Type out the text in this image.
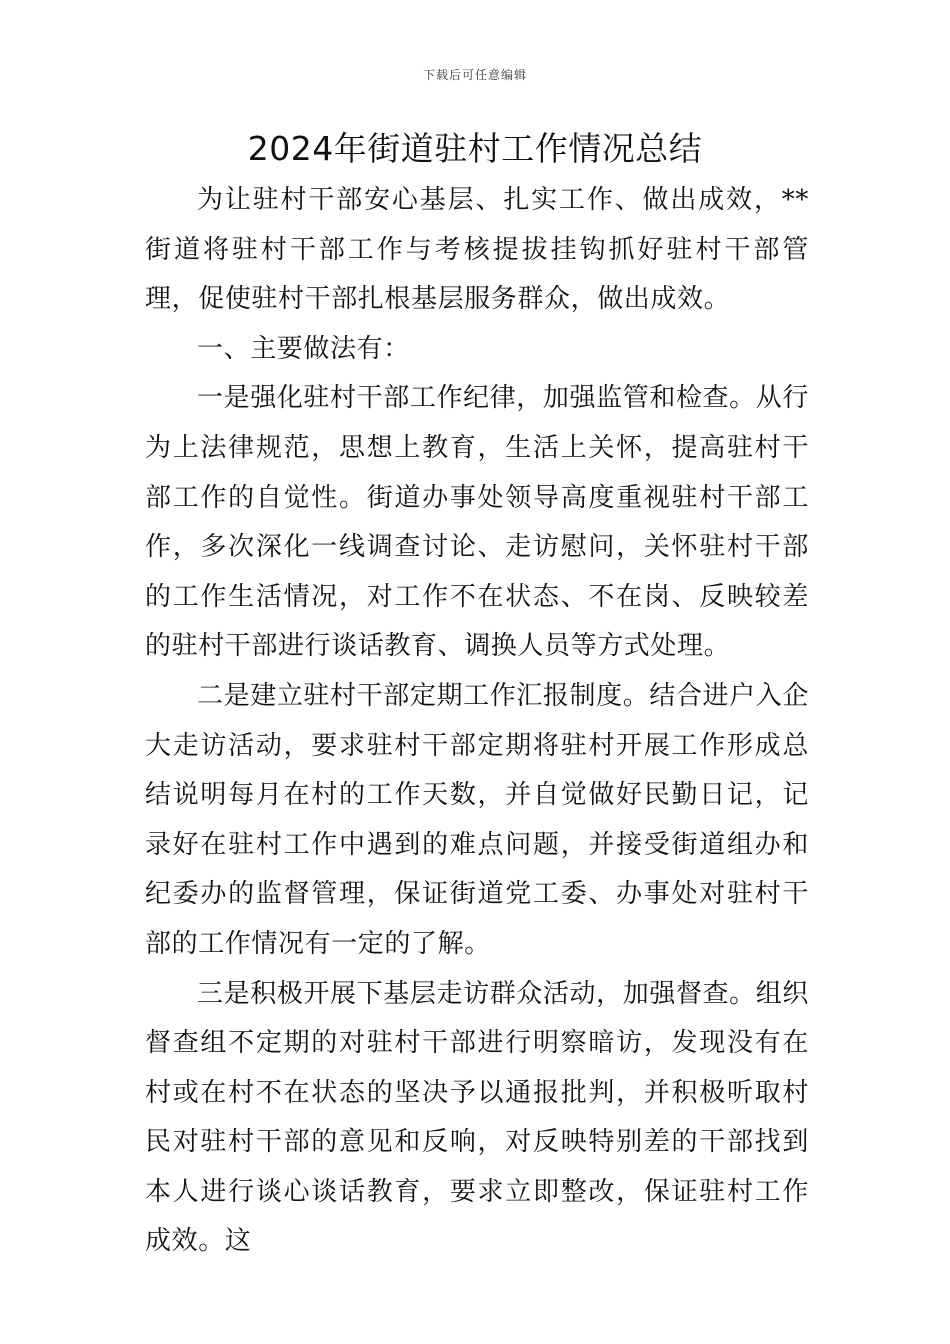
下载后可任意编辑
2024年街道驻村工作情况总结

为让驻村干部安心基层、扎实工作、做出成效，**街道将驻村干部工作与考核提拔挂钩抓好驻村干部管理，促使驻村干部扎根基层服务群众，做出成效。

一、主要做法有：

一是强化驻村干部工作纪律，加强监管和检查。从行为上法律规范，思想上教育，生活上关怀，提高驻村干部工作的自觉性。街道办事处领导高度重视驻村干部工作，多次深化一线调查讨论、走访慰问，关怀驻村干部的工作生活情况，对工作不在状态、不在岗、反映较差的驻村干部进行谈话教育、调换人员等方式处理。

二是建立驻村干部定期工作汇报制度。结合进户入企大走访活动，要求驻村干部定期将驻村开展工作形成总结说明每月在村的工作天数，并自觉做好民勤日记，记录好在驻村工作中遇到的难点问题，并接受街道组办和纪委办的监督管理，保证街道党工委、办事处对驻村干部的工作情况有一定的了解。

三是积极开展下基层走访群众活动，加强督查。组织督查组不定期的对驻村干部进行明察暗访，发现没有在村或在村不在状态的坚决予以通报批判，并积极听取村民对驻村干部的意见和反响，对反映特别差的干部找到本人进行谈心谈话教育，要求立即整改，保证驻村工作成效。这
